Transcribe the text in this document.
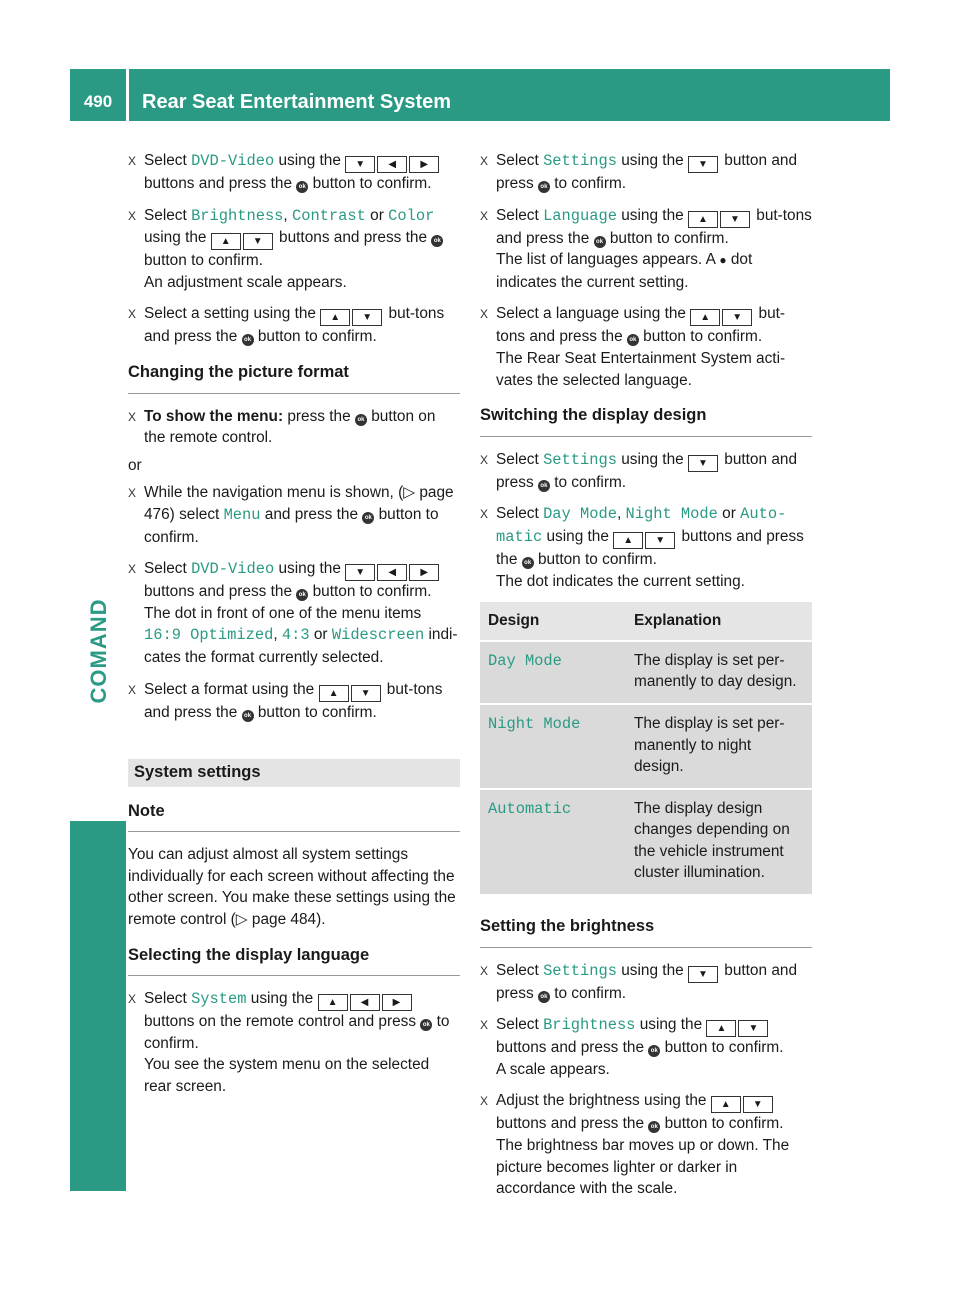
490	Rear Seat Entertainment System
COMAND
X Select DVD-Video using the ▼ ◀ ▶ buttons and press the ok button to confirm.
X Select Brightness, Contrast or Color
using the ▲ ▼ buttons and press the ok button to confirm.
An adjustment scale appears.
X Select a setting using the ▲ ▼ but-tons and press the ok button to confirm.
Changing the picture format
X To show the menu: press the ok button on the remote control.
or
X While the navigation menu is shown, (▷ page 476) select Menu and press the ok button to confirm.
X Select DVD-Video using the ▼ ◀ ▶ buttons and press the ok button to confirm.
The dot in front of one of the menu items 16:9 Optimized, 4:3 or Widescreen indi-cates the format currently selected.
X Select a format using the ▲ ▼ but-tons and press the ok button to confirm.
System settings
Note
You can adjust almost all system settings individually for each screen without affecting the other screen. You make these settings using the remote control (▷ page 484).
Selecting the display language
X Select System using the ▲ ◀ ▶ buttons on the remote control and press ok to confirm.
You see the system menu on the selected rear screen.
X Select Settings using the ▼ button and press ok to confirm.
X Select Language using the ▲ ▼ but-tons and press the ok button to confirm.
The list of languages appears. A ● dot indicates the current setting.
X Select a language using the ▲ ▼ but-tons and press the ok button to confirm.
The Rear Seat Entertainment System acti-vates the selected language.
Switching the display design
X Select Settings using the ▼ button and press ok to confirm.
X Select Day Mode, Night Mode or Auto-matic using the ▲ ▼ buttons and press the ok button to confirm.
The dot indicates the current setting.
Design	Explanation
Day Mode	The display is set per-manently to day design.
Night Mode	The display is set per-manently to night design.
Automatic	The display design changes depending on the vehicle instrument cluster illumination.
Setting the brightness
X Select Settings using the ▼ button and press ok to confirm.
X Select Brightness using the ▲ ▼ buttons and press the ok button to confirm.
A scale appears.
X Adjust the brightness using the ▲ ▼ buttons and press the ok button to confirm.
The brightness bar moves up or down. The picture becomes lighter or darker in accordance with the scale.
